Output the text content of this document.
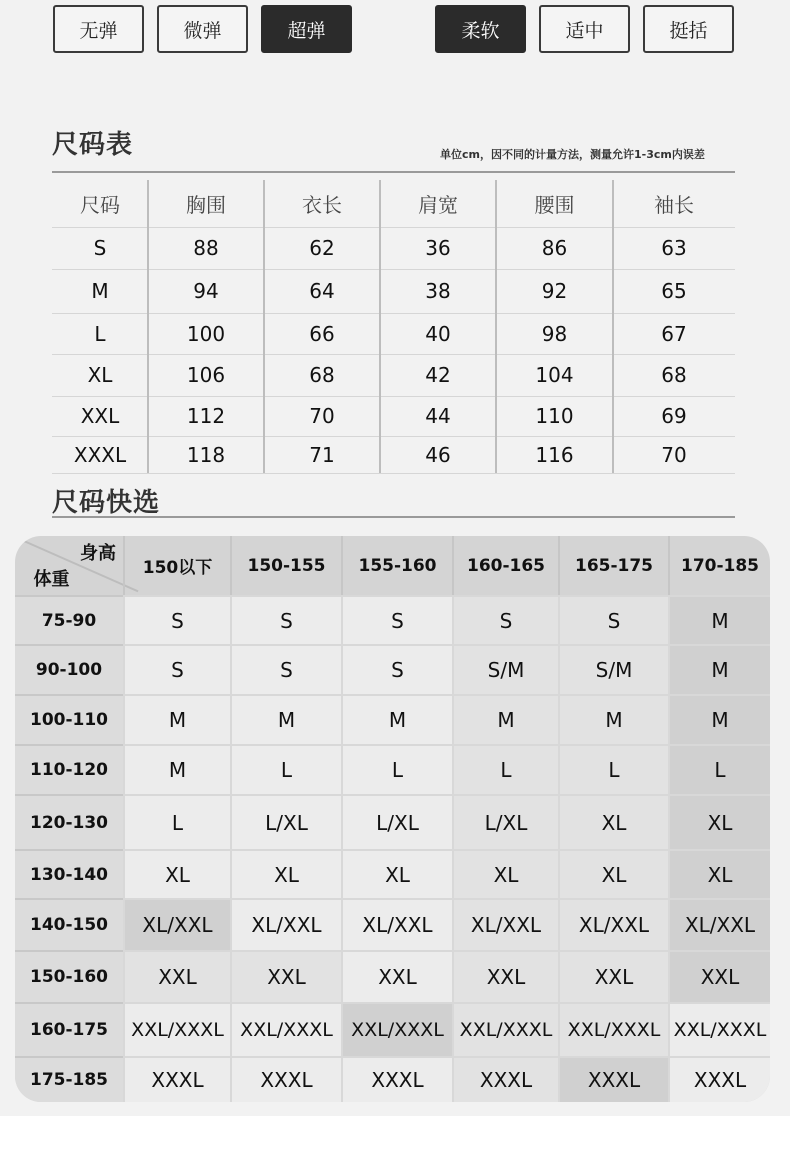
无弹	微弹	超弹	柔软	适中	挺括
尺码表	单位cm，因不同的计量方法，测量允许1-3cm内误差
尺码	胸围	衣长	肩宽	腰围	袖长
S	88	62	36	86	63
M	94	64	38	92	65
L	100	66	40	98	67
XL	106	68	42	104	68
XXL	112	70	44	110	69
XXXL	118	71	46	116	70
尺码快选
身高
体重
150以下	150-155	155-160	160-165	165-175	170-185
75-90	S	S	S	S	S	M
90-100	S	S	S	S/M	S/M	M
100-110	M	M	M	M	M	M
110-120	M	L	L	L	L	L
120-130	L	L/XL	L/XL	L/XL	XL	XL
130-140	XL	XL	XL	XL	XL	XL
140-150	XL/XXL	XL/XXL	XL/XXL	XL/XXL	XL/XXL	XL/XXL
150-160	XXL	XXL	XXL	XXL	XXL	XXL
160-175	XXL/XXXL XXL/XXXL XXL/XXXL XXL/XXXL XXL/XXXL XXL/XXXL
175-185	XXXL	XXXL	XXXL	XXXL	XXXL	XXXL
